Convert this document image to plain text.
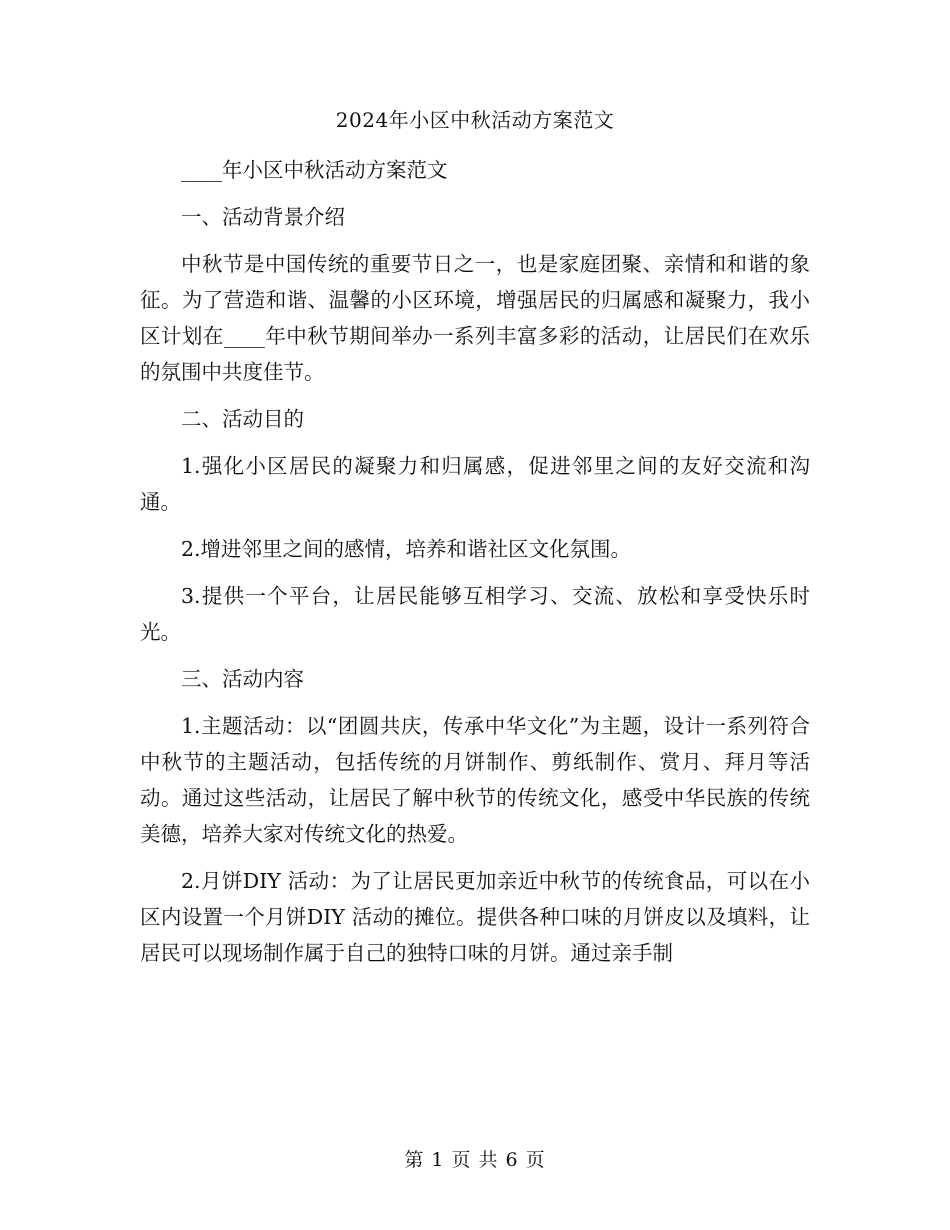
2024年小区中秋活动方案范文

____年小区中秋活动方案范文

一、活动背景介绍

中秋节是中国传统的重要节日之一，也是家庭团聚、亲情和和谐的象征。为了营造和谐、温馨的小区环境，增强居民的归属感和凝聚力，我小区计划在____年中秋节期间举办一系列丰富多彩的活动，让居民们在欢乐的氛围中共度佳节。

二、活动目的

1.强化小区居民的凝聚力和归属感，促进邻里之间的友好交流和沟通。

2.增进邻里之间的感情，培养和谐社区文化氛围。

3.提供一个平台，让居民能够互相学习、交流、放松和享受快乐时光。

三、活动内容

1.主题活动：以“团圆共庆，传承中华文化”为主题，设计一系列符合中秋节的主题活动，包括传统的月饼制作、剪纸制作、赏月、拜月等活动。通过这些活动，让居民了解中秋节的传统文化，感受中华民族的传统美德，培养大家对传统文化的热爱。

2.月饼DIY 活动：为了让居民更加亲近中秋节的传统食品，可以在小区内设置一个月饼DIY 活动的摊位。提供各种口味的月饼皮以及填料，让居民可以现场制作属于自己的独特口味的月饼。通过亲手制

第 1 页 共 6 页
